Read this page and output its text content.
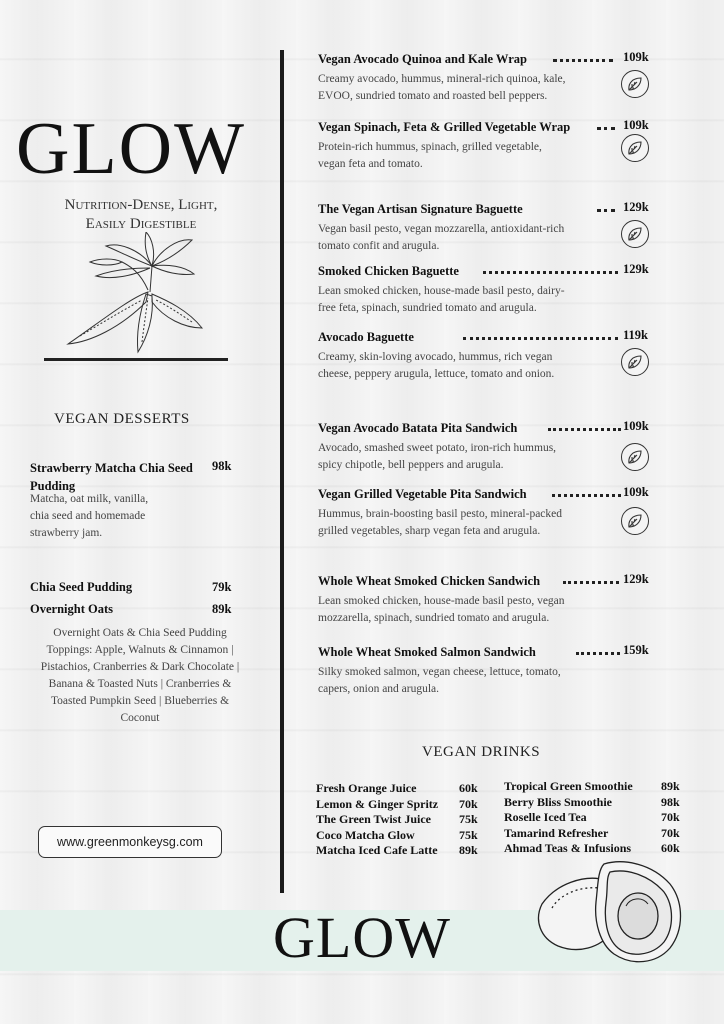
GLOW
Nutrition-Dense, Light,
Easily Digestible
VEGAN DESSERTS
Strawberry Matcha Chia Seed
Pudding
98k
Matcha, oat milk, vanilla,
chia seed and homemade
strawberry jam.
Chia Seed Pudding	79k
Overnight Oats	89k
Overnight Oats & Chia Seed Pudding
Toppings: Apple, Walnuts & Cinnamon |
Pistachios, Cranberries & Dark Chocolate |
Banana & Toasted Nuts | Cranberries &
Toasted Pumpkin Seed | Blueberries &
Coconut
www.greenmonkeysg.com
Vegan Avocado Quinoa and Kale Wrap	109k
Creamy avocado, hummus, mineral-rich quinoa, kale,
EVOO, sundried tomato and roasted bell peppers.
Vegan Spinach, Feta & Grilled Vegetable Wrap	109k
Protein-rich hummus, spinach, grilled vegetable,
vegan feta and tomato.
The Vegan Artisan Signature Baguette	129k
Vegan basil pesto, vegan mozzarella, antioxidant-rich
tomato confit and arugula.
Smoked Chicken Baguette	129k
Lean smoked chicken, house-made basil pesto, dairy-
free feta, spinach, sundried tomato and arugula.
Avocado Baguette	119k
Creamy, skin-loving avocado, hummus, rich vegan
cheese, peppery arugula, lettuce, tomato and onion.
Vegan Avocado Batata Pita Sandwich	109k
Avocado, smashed sweet potato, iron-rich hummus,
spicy chipotle, bell peppers and arugula.
Vegan Grilled Vegetable Pita Sandwich	109k
Hummus, brain-boosting basil pesto, mineral-packed
grilled vegetables, sharp vegan feta and arugula.
Whole Wheat Smoked Chicken Sandwich	129k
Lean smoked chicken, house-made basil pesto, vegan
mozzarella, spinach, sundried tomato and arugula.
Whole Wheat Smoked Salmon Sandwich	159k
Silky smoked salmon, vegan cheese, lettuce, tomato,
capers, onion and arugula.
VEGAN DRINKS
Fresh Orange Juice	60k
Lemon & Ginger Spritz 70k
The Green Twist Juice 75k
Coco Matcha Glow	75k
Matcha Iced Cafe Latte 89k
Tropical Green Smoothie 89k
Berry Bliss Smoothie	98k
Roselle Iced Tea	70k
Tamarind Refresher	70k
Ahmad Teas & Infusions 60k
GLOW
